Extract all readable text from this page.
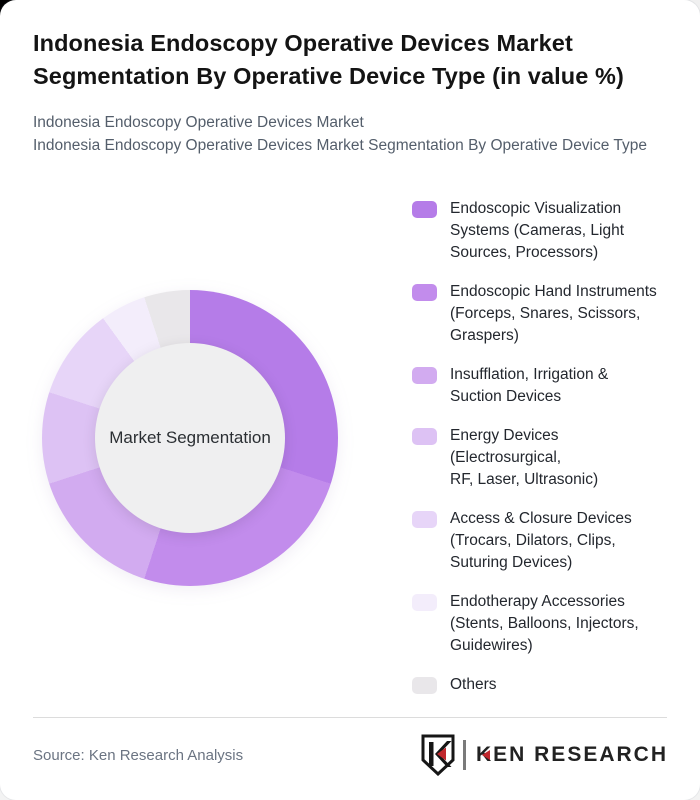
Indonesia Endoscopy Operative Devices Market Segmentation By Operative Device Type (in value %)
Indonesia Endoscopy Operative Devices Market
Indonesia Endoscopy Operative Devices Market Segmentation By Operative Device Type
Market Segmentation
Endoscopic Visualization
Systems (Cameras, Light
Sources, Processors)
Endoscopic Hand Instruments
(Forceps, Snares, Scissors,
Graspers)
Insufflation, Irrigation &
Suction Devices
Energy Devices (Electrosurgical,
RF, Laser, Ultrasonic)
Access & Closure Devices
(Trocars, Dilators, Clips,
Suturing Devices)
Endotherapy Accessories
(Stents, Balloons, Injectors,
Guidewires)
Others
Source: Ken Research Analysis	KEN RESEARCH
